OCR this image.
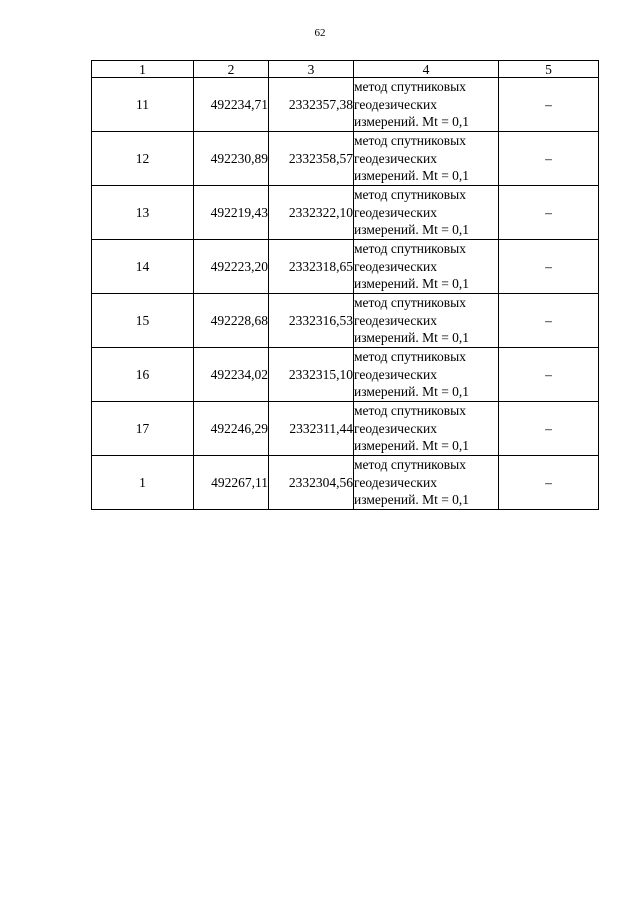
62
1	2	3	4	5
11	492234,71	2332357,38	метод спутниковых
геодезических
измерений. Mt = 0,1	–
12	492230,89	2332358,57	метод спутниковых
геодезических
измерений. Mt = 0,1	–
13	492219,43	2332322,10	метод спутниковых
геодезических
измерений. Mt = 0,1	–
14	492223,20	2332318,65	метод спутниковых
геодезических
измерений. Mt = 0,1	–
15	492228,68	2332316,53	метод спутниковых
геодезических
измерений. Mt = 0,1	–
16	492234,02	2332315,10	метод спутниковых
геодезических
измерений. Mt = 0,1	–
17	492246,29	2332311,44	метод спутниковых
геодезических
измерений. Mt = 0,1	–
1	492267,11	2332304,56	метод спутниковых
геодезических
измерений. Mt = 0,1	–
